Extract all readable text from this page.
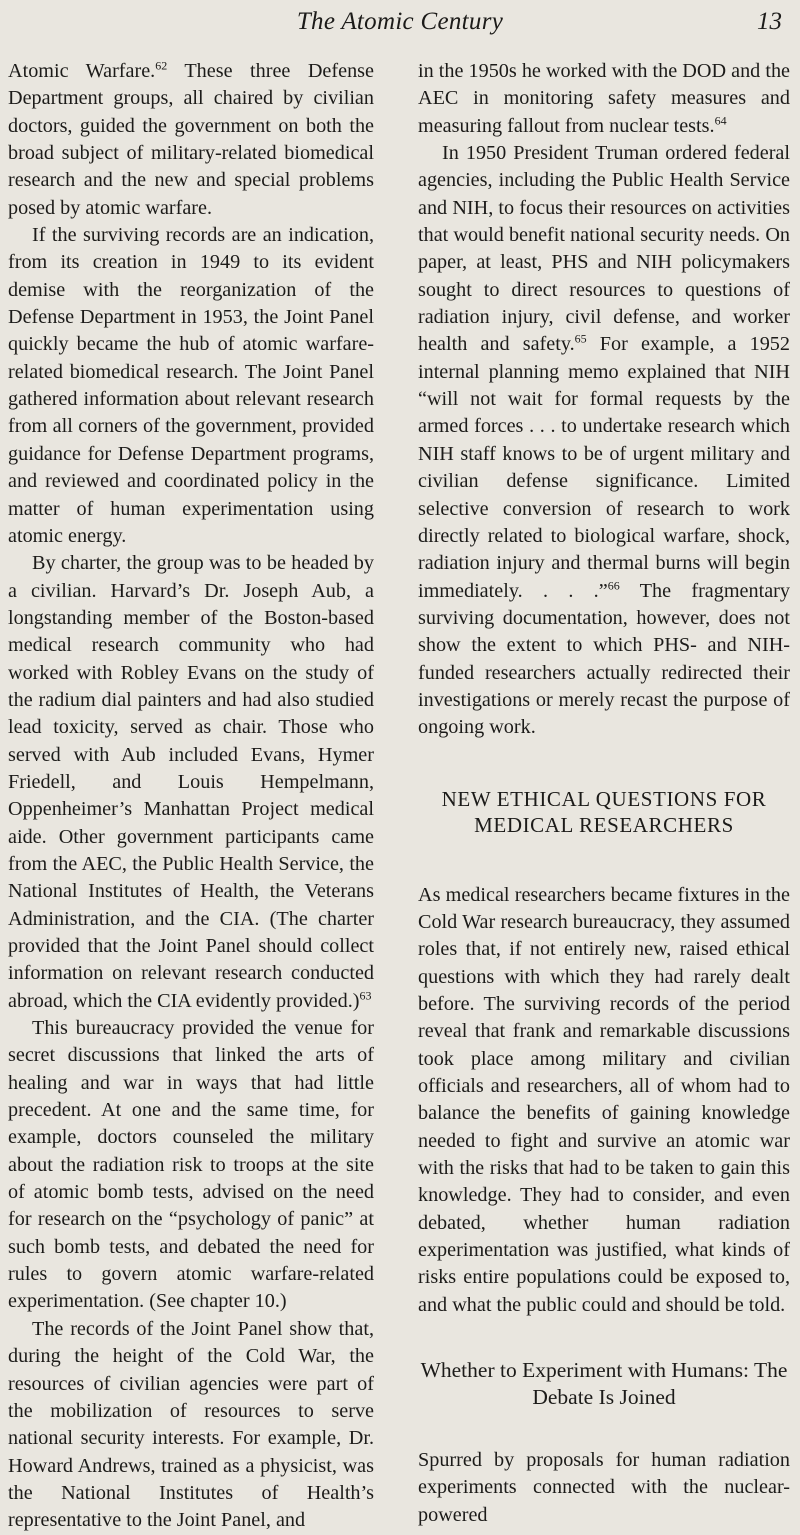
The Atomic Century	13

Atomic Warfare.$^{62}$ These three Defense Department groups, all chaired by civilian doctors, guided the government on both the broad subject of military-related biomedical research and the new and special problems posed by atomic warfare.

If the surviving records are an indication, from its creation in 1949 to its evident demise with the reorganization of the Defense Department in 1953, the Joint Panel quickly became the hub of atomic warfare-related biomedical research. The Joint Panel gathered information about relevant research from all corners of the government, provided guidance for Defense Department programs, and reviewed and coordinated policy in the matter of human experimentation using atomic energy.

By charter, the group was to be headed by a civilian. Harvard’s Dr. Joseph Aub, a longstanding member of the Boston-based medical research community who had worked with Robley Evans on the study of the radium dial painters and had also studied lead toxicity, served as chair. Those who served with Aub included Evans, Hymer Friedell, and Louis Hempelmann, Oppenheimer’s Manhattan Project medical aide. Other government participants came from the AEC, the Public Health Service, the National Institutes of Health, the Veterans Administration, and the CIA. (The charter provided that the Joint Panel should collect information on relevant research conducted abroad, which the CIA evidently provided.)$^{63}$

This bureaucracy provided the venue for secret discussions that linked the arts of healing and war in ways that had little precedent. At one and the same time, for example, doctors counseled the military about the radiation risk to troops at the site of atomic bomb tests, advised on the need for research on the “psychology of panic” at such bomb tests, and debated the need for rules to govern atomic warfare-related experimentation. (See chapter 10.)

The records of the Joint Panel show that, during the height of the Cold War, the resources of civilian agencies were part of the mobilization of resources to serve national security interests. For example, Dr. Howard Andrews, trained as a physicist, was the National Institutes of Health’s representative to the Joint Panel, and

in the 1950s he worked with the DOD and the AEC in monitoring safety measures and measuring fallout from nuclear tests.$^{64}$

In 1950 President Truman ordered federal agencies, including the Public Health Service and NIH, to focus their resources on activities that would benefit national security needs. On paper, at least, PHS and NIH policymakers sought to direct resources to questions of radiation injury, civil defense, and worker health and safety.$^{65}$ For example, a 1952 internal planning memo explained that NIH “will not wait for formal requests by the armed forces . . . to undertake research which NIH staff knows to be of urgent military and civilian defense significance. Limited selective conversion of research to work directly related to biological warfare, shock, radiation injury and thermal burns will begin immediately. . . .”$^{66}$ The fragmentary surviving documentation, however, does not show the extent to which PHS- and NIH-funded researchers actually redirected their investigations or merely recast the purpose of ongoing work.

NEW ETHICAL QUESTIONS FOR MEDICAL RESEARCHERS

As medical researchers became fixtures in the Cold War research bureaucracy, they assumed roles that, if not entirely new, raised ethical questions with which they had rarely dealt before. The surviving records of the period reveal that frank and remarkable discussions took place among military and civilian officials and researchers, all of whom had to balance the benefits of gaining knowledge needed to fight and survive an atomic war with the risks that had to be taken to gain this knowledge. They had to consider, and even debated, whether human radiation experimentation was justified, what kinds of risks entire populations could be exposed to, and what the public could and should be told.

Whether to Experiment with Humans: The Debate Is Joined

Spurred by proposals for human radiation experiments connected with the nuclear-powered
